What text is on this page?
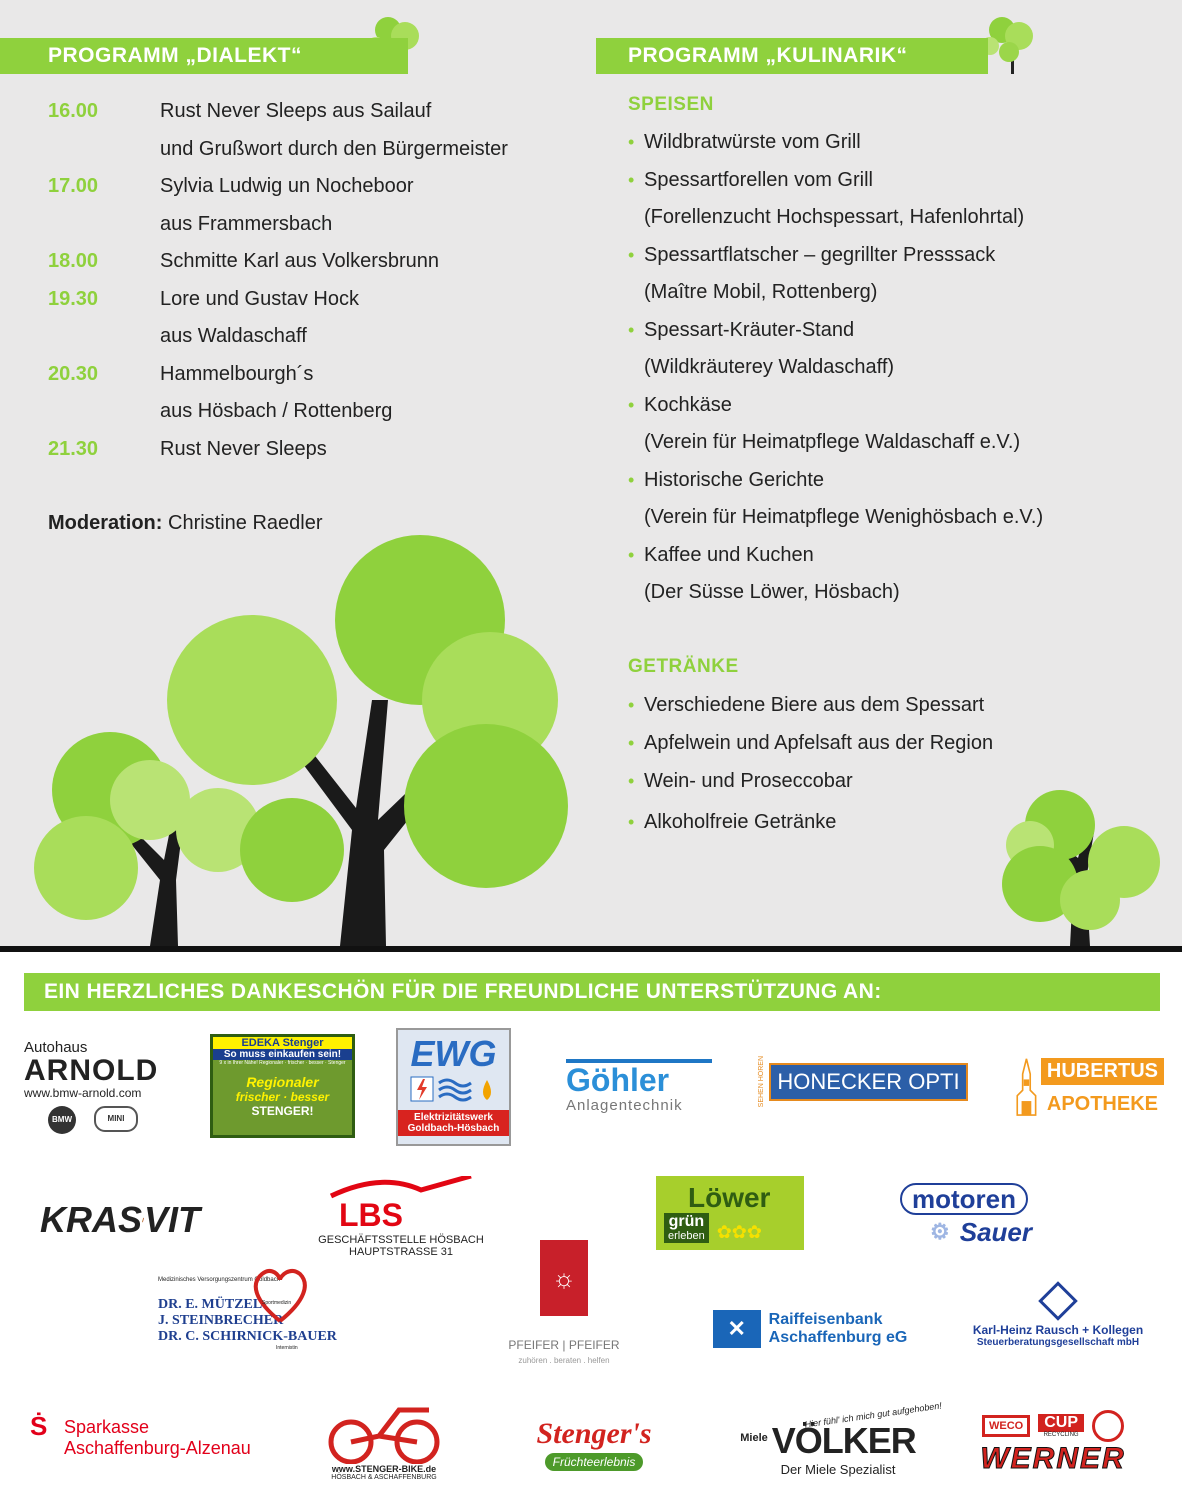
PROGRAMM „DIALEKT“
16.00	Rust Never Sleeps aus Sailauf
und Grußwort durch den Bürgermeister
17.00	Sylvia Ludwig un Nocheboor
aus Frammersbach
18.00	Schmitte Karl aus Volkersbrunn
19.30	Lore und Gustav Hock
aus Waldaschaff
20.30	Hammelbourgh´s
aus Hösbach / Rottenberg
21.30	Rust Never Sleeps
Moderation: Christine Raedler
PROGRAMM „KULINARIK“
SPEISEN
• Wildbratwürste vom Grill
• Spessartforellen vom Grill
(Forellenzucht Hochspessart, Hafenlohrtal)
• Spessartflatscher – gegrillter Presssack
(Maître Mobil, Rottenberg)
• Spessart-Kräuter-Stand
(Wildkräuterey Waldaschaff)
• Kochkäse
(Verein für Heimatpflege Waldaschaff e.V.)
• Historische Gerichte
(Verein für Heimatpflege Wenighösbach e.V.)
• Kaffee und Kuchen
(Der Süsse Löwer, Hösbach)
GETRÄNKE
• Verschiedene Biere aus dem Spessart
• Apfelwein und Apfelsaft aus der Region
• Wein- und Proseccobar
• Alkoholfreie Getränke
EIN HERZLICHES DANKESCHÖN FÜR DIE FREUNDLICHE UNTERSTÜTZUNG AN:
Autohaus
ARNOLD
www.bmw-arnold.com
BMW	MINI
EDEKA Stenger
So muss einkaufen sein!
9 x in Ihrer Nähe! Regionaler · frischer · besser · Stenger
Regionaler
frischer · besser
STENGER!
EWG
Elektrizitätswerk
Goldbach-Hösbach
Göhler
Anlagentechnik	SEHEN HÖREN HONECKER OPTI	HUBERTUS
APOTHEKE
KRAS VIT	LBS
GESCHÄFTSSTELLE HÖSBACH
HAUPTSTRASSE 31
Löwer
grün
erleben ✿✿✿
motoren
⚙ Sauer
Medizinisches Versorgungszentrum Goldbach
DR. E. MÜTZEL Sportmedizin
J. STEINBRECHER
DR. C. SCHIRNICK-BAUER
Internistin
☼
PFEIFER | PFEIFER
zuhören . beraten . helfen
✕	Raiffeisenbank
Aschaffenburg eG	Karl-Heinz Rausch + Kollegen
Steuerberatungsgesellschaft mbH
Ṡ Sparkasse
Aschaffenburg-Alzenau
www.STENGER-BIKE.de
HÖSBACH & ASCHAFFENBURG
Stenger's
Früchteerlebnis
Hier fühl' ich mich gut aufgehoben!
Miele VÖLKER
Der Miele Spezialist
WECO	CUP
RECYCLING
WERNER
